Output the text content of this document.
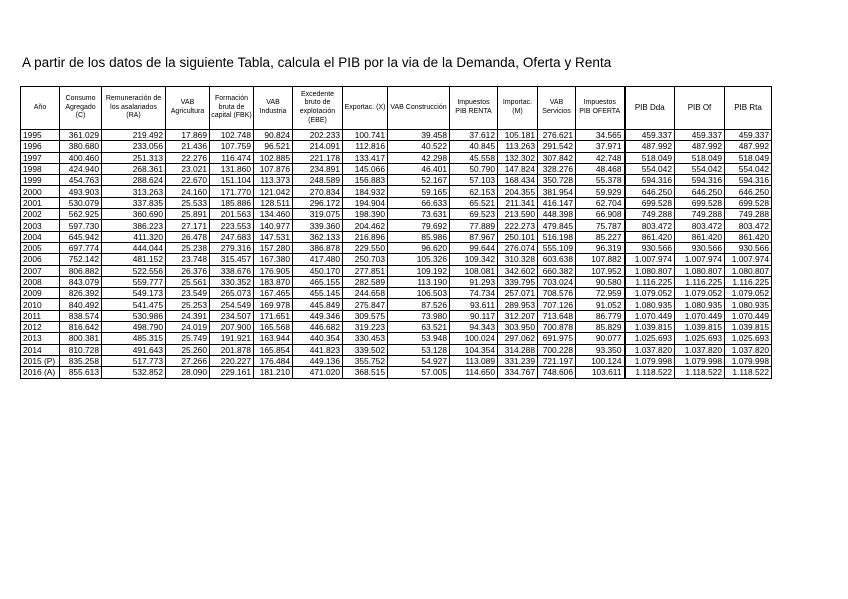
A partir de los datos de la siguiente Tabla, calcula el PIB por la via de la Demanda, Oferta y Renta
Año	Consumo Agregado (C)	Remuneración de los asalariados (RA)	VAB Agricultura	Formación bruta de capital (FBK)	VAB Industria	Excedente bruto de explotación (EBE)	Exportac. (X)	VAB Construcción	Impuestos PIB RENTA	Importac. (M)	VAB Servicios	Impuestos PIB OFERTA	PIB Dda	PIB Of	PIB Rta
1995	361.029	219.492	17.869	102.748	90.824	202.233	100.741	39.458	37.612	105.181	276.621	34.565	459.337	459.337	459.337
1996	380.680	233.056	21.436	107.759	96.521	214.091	112.816	40.522	40.845	113.263	291.542	37.971	487.992	487.992	487.992
1997	400.460	251.313	22.276	116.474	102.885	221.178	133.417	42.298	45.558	132.302	307.842	42.748	518.049	518.049	518.049
1998	424.940	268.361	23.021	131.860	107.876	234.891	145.066	46.401	50.790	147.824	328.276	48.468	554.042	554.042	554.042
1999	454.763	288.624	22.670	151.104	113.373	248.589	156.883	52.167	57.103	168.434	350.728	55.378	594.316	594.316	594.316
2000	493.903	313.263	24.160	171.770	121.042	270.834	184.932	59.165	62.153	204.355	381.954	59.929	646.250	646.250	646.250
2001	530.079	337.835	25.533	185.886	128.511	296.172	194.904	66.633	65.521	211.341	416.147	62.704	699.528	699.528	699.528
2002	562.925	360.690	25.891	201.563	134.460	319.075	198.390	73.631	69.523	213.590	448.398	66.908	749.288	749.288	749.288
2003	597.730	386.223	27.171	223.553	140.977	339.360	204.462	79.692	77.889	222.273	479.845	75.787	803.472	803.472	803.472
2004	645.942	411.320	26.478	247.683	147.531	362.133	216.896	85.986	87.967	250.101	516.198	85.227	861.420	861.420	861.420
2005	697.774	444.044	25.238	279.316	157.280	386.878	229.550	96.620	99.644	276.074	555.109	96.319	930.566	930.566	930.566
2006	752.142	481.152	23.748	315.457	167.380	417.480	250.703	105.326	109.342	310.328	603.638	107.882	1.007.974	1.007.974	1.007.974
2007	806.882	522.556	26.376	338.676	176.905	450.170	277.851	109.192	108.081	342.602	660.382	107.952	1.080.807	1.080.807	1.080.807
2008	843.079	559.777	25.561	330.352	183.870	465.155	282.589	113.190	91.293	339.795	703.024	90.580	1.116.225	1.116.225	1.116.225
2009	826.392	549.173	23.549	265.073	167.465	455.145	244.658	106.503	74.734	257.071	708.576	72.959	1.079.052	1.079.052	1.079.052
2010	840.492	541.475	25.253	254.549	169.978	445.849	275.847	87.526	93.611	289.953	707.126	91.052	1.080.935	1.080.935	1.080.935
2011	838.574	530.986	24.391	234.507	171.651	449.346	309.575	73.980	90.117	312.207	713.648	86.779	1.070.449	1.070.449	1.070.449
2012	816.642	498.790	24.019	207.900	165.568	446.682	319.223	63.521	94.343	303.950	700.878	85.829	1.039.815	1.039.815	1.039.815
2013	800.381	485.315	25.749	191.921	163.944	440.354	330.453	53.948	100.024	297.062	691.975	90.077	1.025.693	1.025.693	1.025.693
2014	810.728	491.643	25.260	201.878	165.854	441.823	339.502	53.128	104.354	314.288	700.228	93.350	1.037.820	1.037.820	1.037.820
2015 (P)	835.258	517.773	27.266	220.227	176.484	449.136	355.752	54.927	113.089	331.239	721.197	100.124	1.079.998	1.079.998	1.079.998
2016 (A)	855.613	532.852	28.090	229.161	181.210	471.020	368.515	57.005	114.650	334.767	748.606	103.611	1.118.522	1.118.522	1.118.522
